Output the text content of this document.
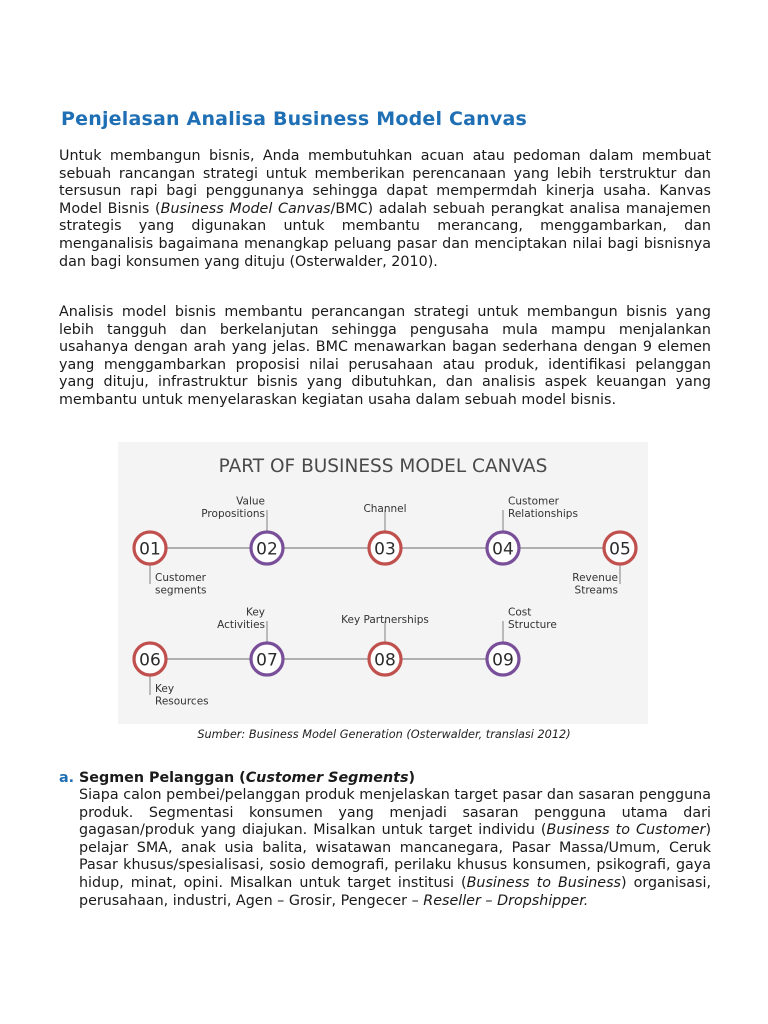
Penjelasan Analisa Business Model Canvas

Untuk membangun bisnis, Anda membutuhkan acuan atau pedoman dalam membuat sebuah rancangan strategi untuk memberikan perencanaan yang lebih terstruktur dan tersusun rapi bagi penggunanya sehingga dapat mempermdah kinerja usaha. Kanvas Model Bisnis (Business Model Canvas/BMC) adalah sebuah perangkat analisa manajemen strategis yang digunakan untuk membantu merancang, menggambarkan, dan menganalisis bagaimana menangkap peluang pasar dan menciptakan nilai bagi bisnisnya dan bagi konsumen yang dituju (Osterwalder, 2010).

Analisis model bisnis membantu perancangan strategi untuk membangun bisnis yang lebih tangguh dan berkelanjutan sehingga pengusaha mula mampu menjalankan usahanya dengan arah yang jelas. BMC menawarkan bagan sederhana dengan 9 elemen yang menggambarkan proposisi nilai perusahaan atau produk, identifikasi pelanggan yang dituju, infrastruktur bisnis yang dibutuhkan, dan analisis aspek keuangan yang membantu untuk menyelaraskan kegiatan usaha dalam sebuah model bisnis.

PART OF BUSINESS MODEL CANVAS
Customer
segments
01
Value
Propositions
02
Channel
03
Customer
Relationships
04
Revenue
Streams
05
Key
Resources
06
Key
Activities
07
Key Partnerships
08
Cost
Structure
09
Sumber: Business Model Generation (Osterwalder, translasi 2012)
a. Segmen Pelanggan (Customer Segments)

Siapa calon pembei/pelanggan produk menjelaskan target pasar dan sasaran pengguna produk. Segmentasi konsumen yang menjadi sasaran pengguna utama dari gagasan/produk yang diajukan. Misalkan untuk target individu (Business to Customer) pelajar SMA, anak usia balita, wisatawan mancanegara, Pasar Massa/Umum, Ceruk Pasar khusus/spesialisasi, sosio demografi, perilaku khusus konsumen, psikografi, gaya hidup, minat, opini. Misalkan untuk target institusi (Business to Business) organisasi, perusahaan, industri, Agen – Grosir, Pengecer – Reseller – Dropshipper.
